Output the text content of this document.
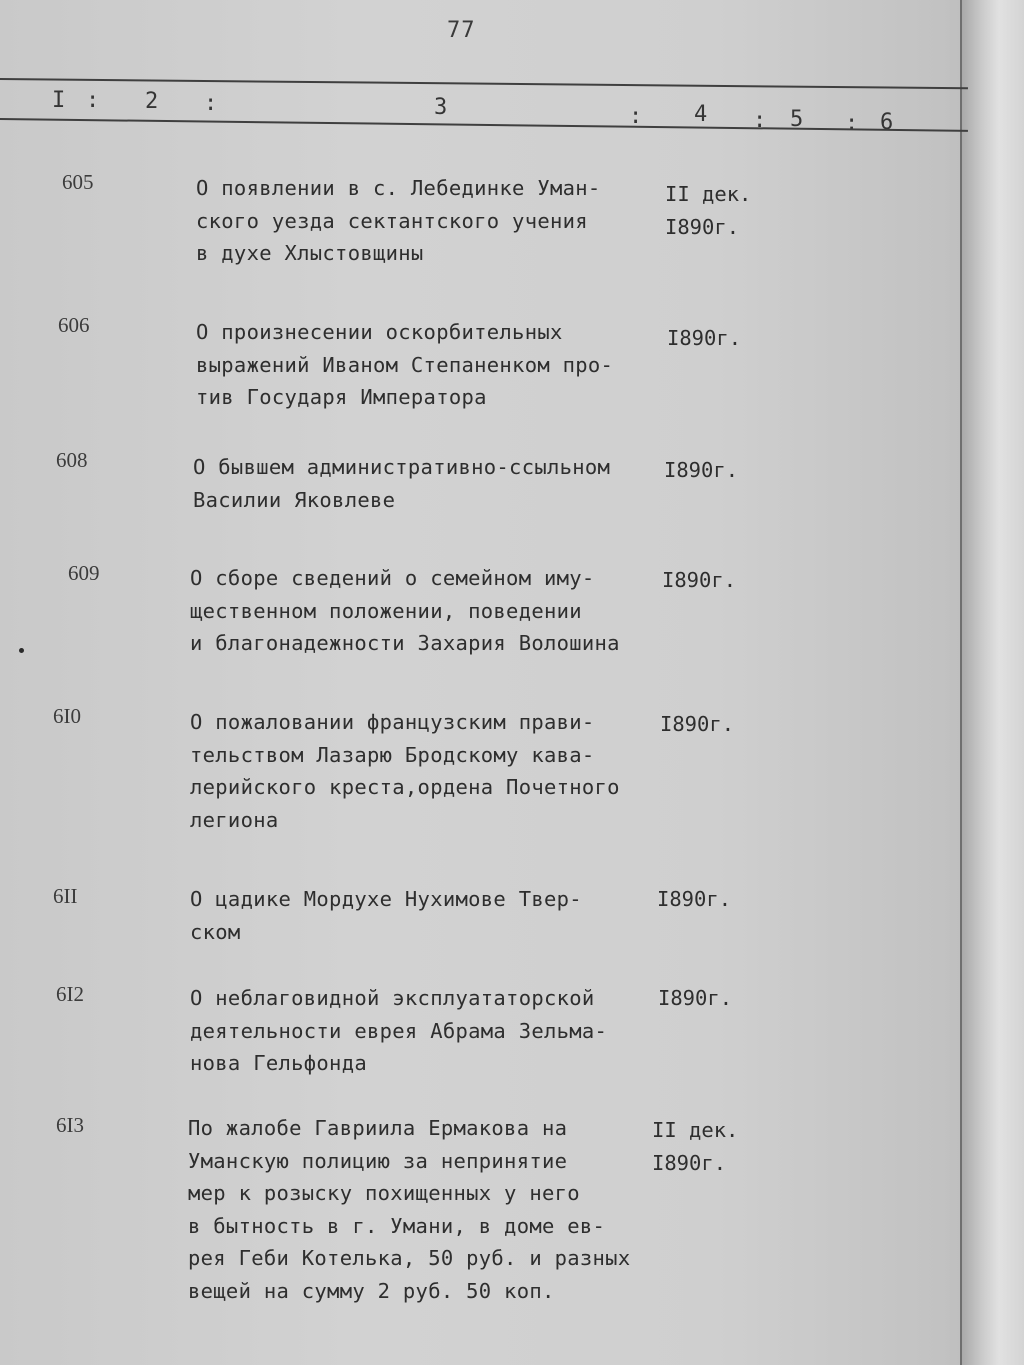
77
I : 2 :	3	: 4 : 5 : 6
605	О появлении в с. Лебединке Уман-
ского уезда сектантского учения
в духе Хлыстовщины
II дек.
I890г.
606	О произнесении оскорбительных
выражений Иваном Степаненком про-
тив Государя Императора
I890г.
608	О бывшем административно-ссыльном
Василии Яковлеве
I890г.
609	О сборе сведений о семейном иму-
щественном положении, поведении
и благонадежности Захария Волошина
I890г.
6I0	О пожаловании французским прави-
тельством Лазарю Бродскому кава-
лерийского креста,ордена Почетного
легиона
I890г.
6II	О цадике Мордухе Нухимове Твер-
ском
I890г.
6I2	О неблаговидной эксплуататорской
деятельности еврея Абрама Зельма-
нова Гельфонда
I890г.
6I3	По жалобе Гавриила Ермакова на
Уманскую полицию за непринятие
мер к розыску похищенных у него
в бытность в г. Умани, в доме ев-
рея Геби Котелька, 50 руб. и разных
вещей на сумму 2 руб. 50 коп.
II дек.
I890г.
